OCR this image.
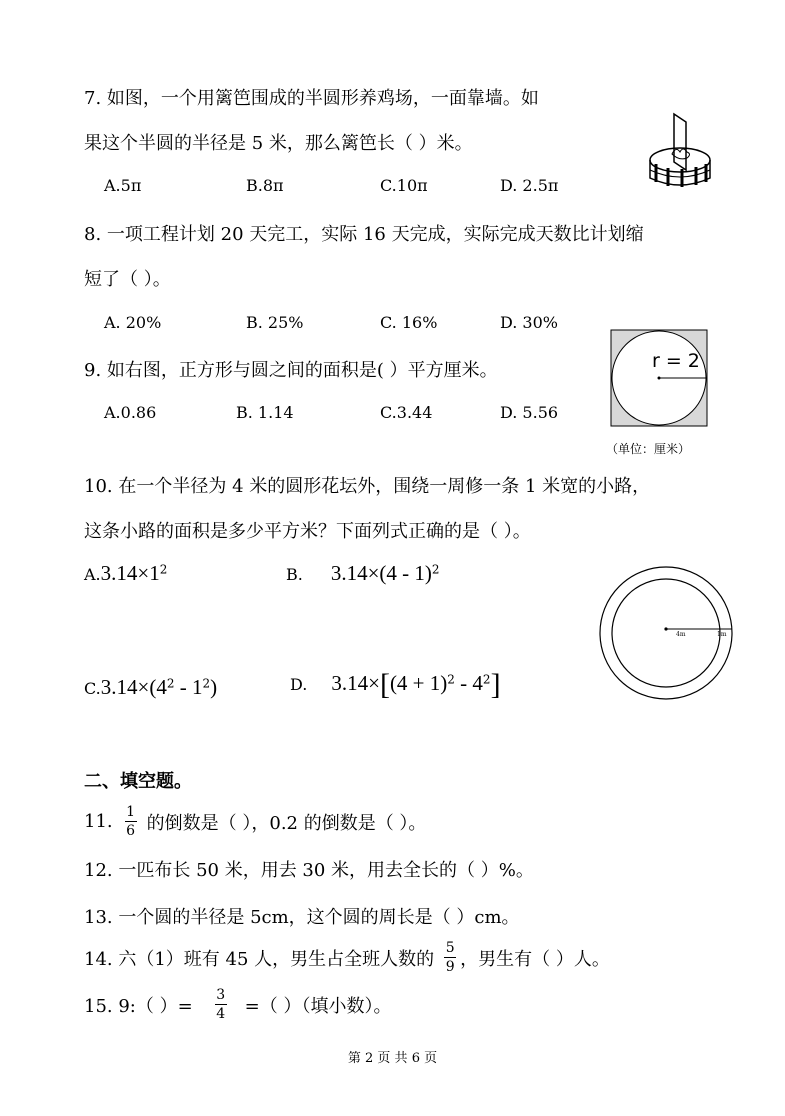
7. 如图，一个用篱笆围成的半圆形养鸡场，一面靠墙。如
果这个半圆的半径是 5 米，那么篱笆长（ ）米。
A.5π	B.8π	C.10π	D. 2.5π
8. 一项工程计划 20 天完工，实际 16 天完成，实际完成天数比计划缩
短了（ ）。
A. 20%	B. 25%	C. 16%	D. 30%
9. 如右图，正方形与圆之间的面积是( ）平方厘米。
A.0.86	B. 1.14	C.3.44	D. 5.56
r = 2
（单位：厘米）
10. 在一个半径为 4 米的圆形花坛外，围绕一周修一条 1 米宽的小路，
这条小路的面积是多少平方米？下面列式正确的是（ ）。
$A.3.14\times 1^2$	B. 3.14×(4 - 1)$^2$
$C.3.14\times(4^2 - 1^2)$	D. $3.14\times[(4 + 1)^2 - 4^2]$
4m	1m
二、填空题。
11. $\frac{1}{6}$ 的倒数是（ ），0.2 的倒数是（ ）。
12. 一匹布长 50 米，用去 30 米，用去全长的（ ）%。
13. 一个圆的半径是 5cm，这个圆的周长是（ ）cm。
14. 六（1）班有 45 人，男生占全班人数的 $\frac{5}{9}$ ，男生有（ ）人。
15. 9:（ ）= $\frac{3}{4}$ =（ ）（填小数）。
第 2 页 共 6 页
